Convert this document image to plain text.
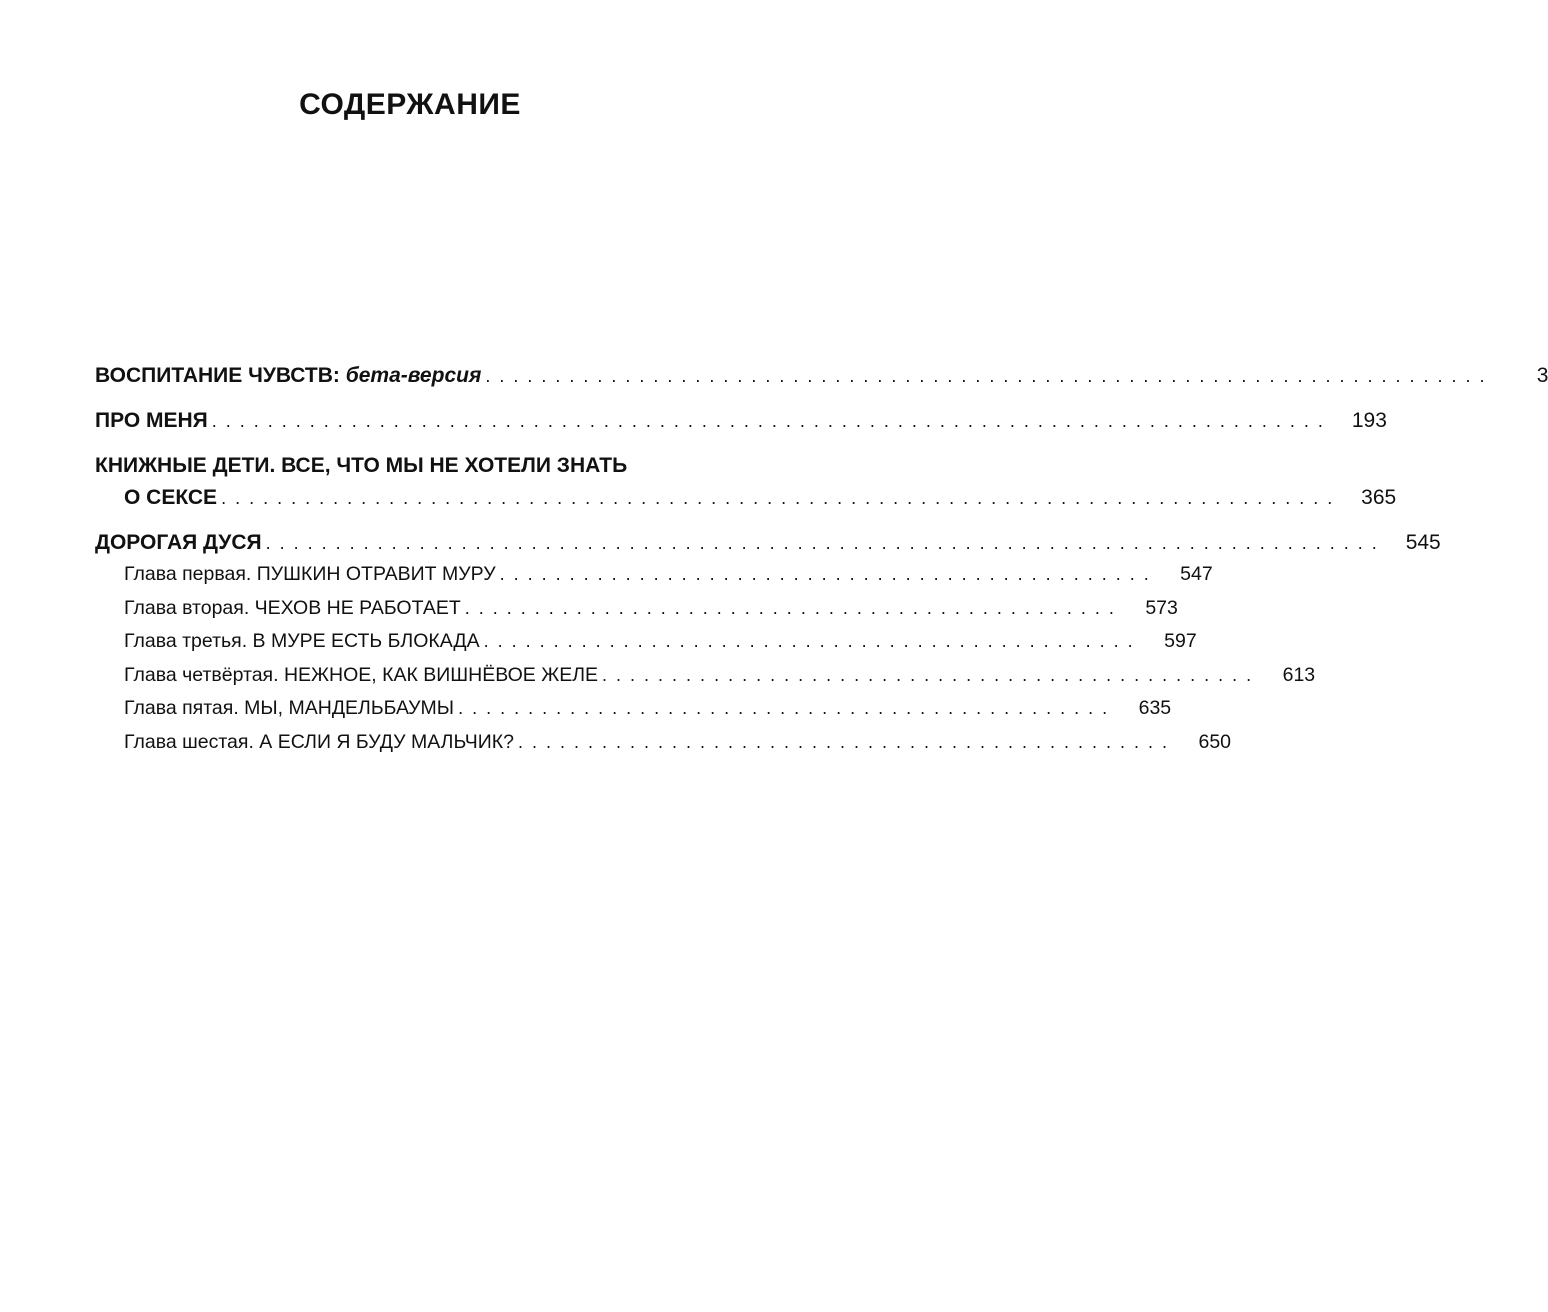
СОДЕРЖАНИЕ
ВОСПИТАНИЕ ЧУВСТВ: бета-версия . . . . . . . . . . . . . . . . . . . . . . . . . . . . . . . . . . . . . . . . . . . . . . . . . . . . . . . . . . . . . . . . . . . . . . . .	3
ПРО МЕНЯ . . . . . . . . . . . . . . . . . . . . . . . . . . . . . . . . . . . . . . . . . . . . . . . . . . . . . . . . . . . . . . . . . . . . . . . . . . . . . . . .	193
КНИЖНЫЕ ДЕТИ. ВСЕ, ЧТО МЫ НЕ ХОТЕЛИ ЗНАТЬ
О СЕКСЕ . . . . . . . . . . . . . . . . . . . . . . . . . . . . . . . . . . . . . . . . . . . . . . . . . . . . . . . . . . . . . . . . . . . . . . . . . . . . . . . .	365
ДОРОГАЯ ДУСЯ . . . . . . . . . . . . . . . . . . . . . . . . . . . . . . . . . . . . . . . . . . . . . . . . . . . . . . . . . . . . . . . . . . . . . . . . . . . . . . . .	545
Глава первая. ПУШКИН ОТРАВИТ МУРУ . . . . . . . . . . . . . . . . . . . . . . . . . . . . . . . . . . . . . . . . . . . . . . .	547
Глава вторая. ЧЕХОВ НЕ РАБОТАЕТ . . . . . . . . . . . . . . . . . . . . . . . . . . . . . . . . . . . . . . . . . . . . . . .	573
Глава третья. В МУРЕ ЕСТЬ БЛОКАДА . . . . . . . . . . . . . . . . . . . . . . . . . . . . . . . . . . . . . . . . . . . . . . .	597
Глава четвёртая. НЕЖНОЕ, КАК ВИШНЁВОЕ ЖЕЛЕ . . . . . . . . . . . . . . . . . . . . . . . . . . . . . . . . . . . . . . . . . . . . . . .	613
Глава пятая. МЫ, МАНДЕЛЬБАУМЫ . . . . . . . . . . . . . . . . . . . . . . . . . . . . . . . . . . . . . . . . . . . . . . .	635
Глава шестая. А ЕСЛИ Я БУДУ МАЛЬЧИК? . . . . . . . . . . . . . . . . . . . . . . . . . . . . . . . . . . . . . . . . . . . . . . .	650
